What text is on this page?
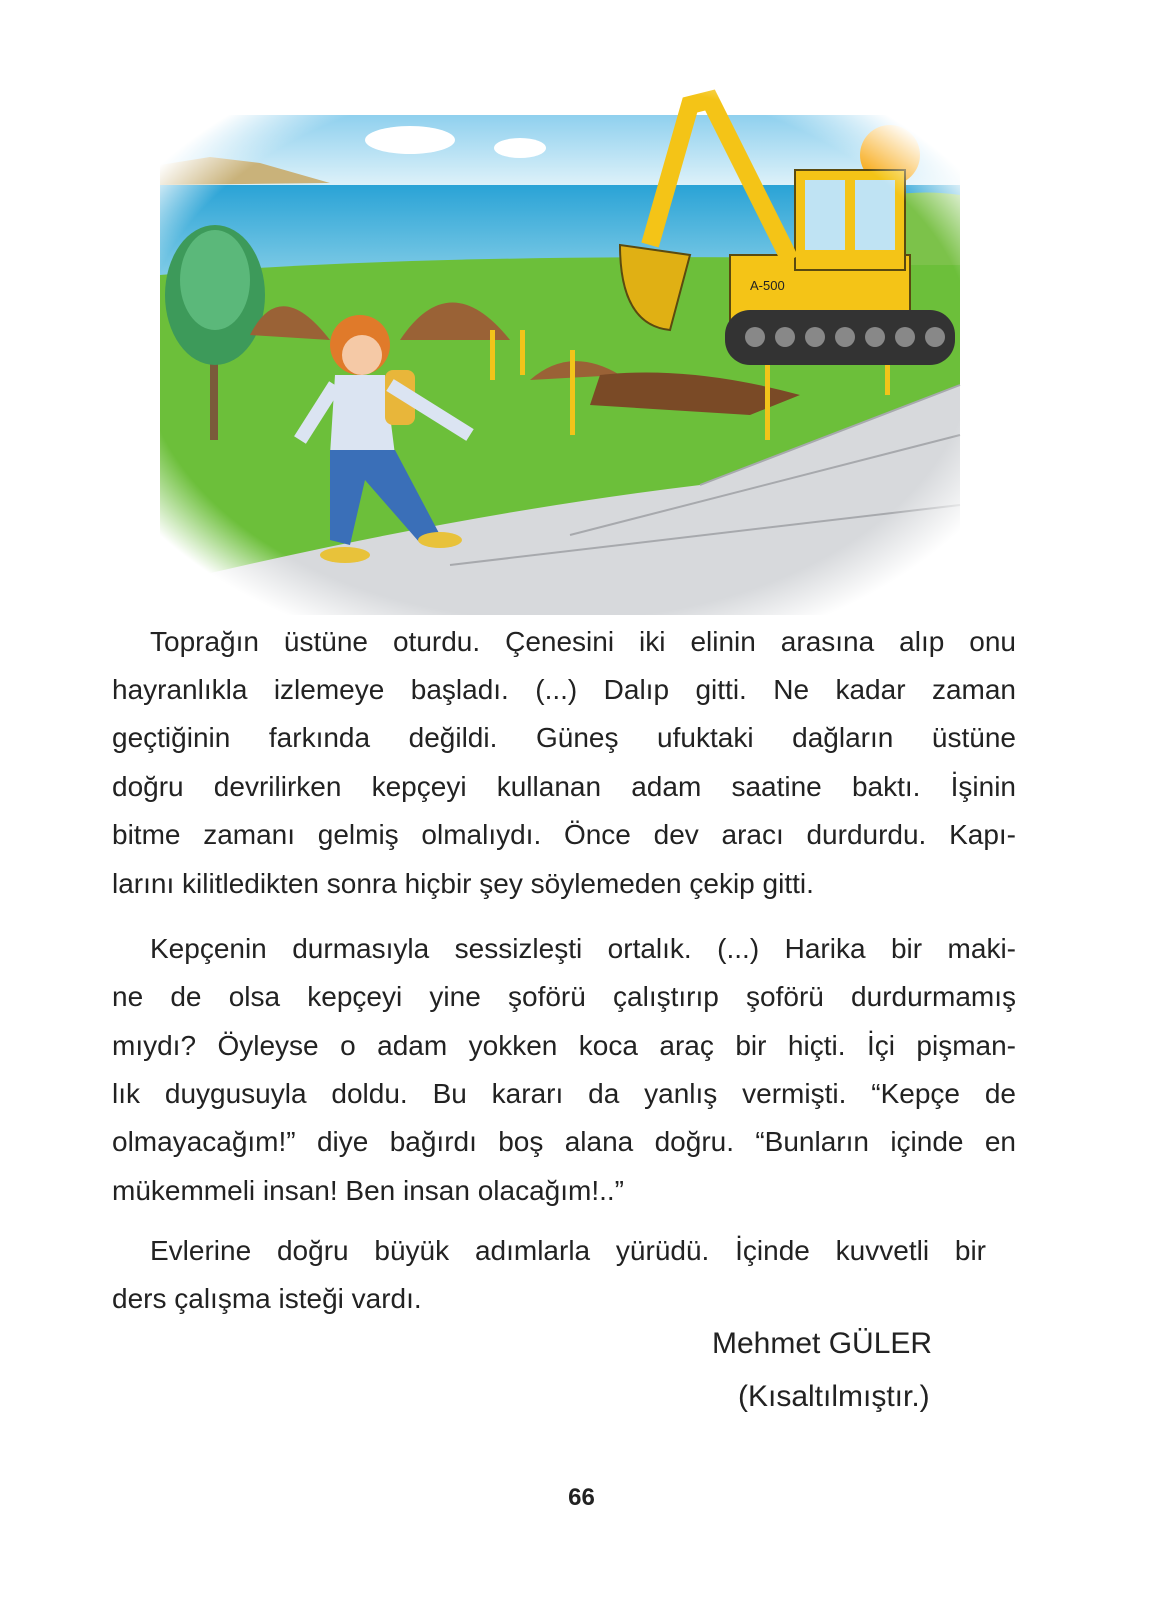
A-500
Toprağın üstüne oturdu. Çenesini iki elinin arasına alıp onu
hayranlıkla izlemeye başladı. (...) Dalıp gitti. Ne kadar zaman
geçtiğinin farkında değildi. Güneş ufuktaki dağların üstüne
doğru devrilirken kepçeyi kullanan adam saatine baktı. İşinin
bitme zamanı gelmiş olmalıydı. Önce dev aracı durdurdu. Kapı-
larını kilitledikten sonra hiçbir şey söylemeden çekip gitti.
Kepçenin durmasıyla sessizleşti ortalık. (...) Harika bir maki-
ne de olsa kepçeyi yine şoförü çalıştırıp şoförü durdurmamış
mıydı? Öyleyse o adam yokken koca araç bir hiçti. İçi pişman-
lık duygusuyla doldu. Bu kararı da yanlış vermişti. “Kepçe de
olmayacağım!” diye bağırdı boş alana doğru. “Bunların içinde en
mükemmeli insan! Ben insan olacağım!..”
Evlerine doğru büyük adımlarla yürüdü. İçinde kuvvetli bir
ders çalışma isteği vardı.
Mehmet GÜLER
(Kısaltılmıştır.)
66
